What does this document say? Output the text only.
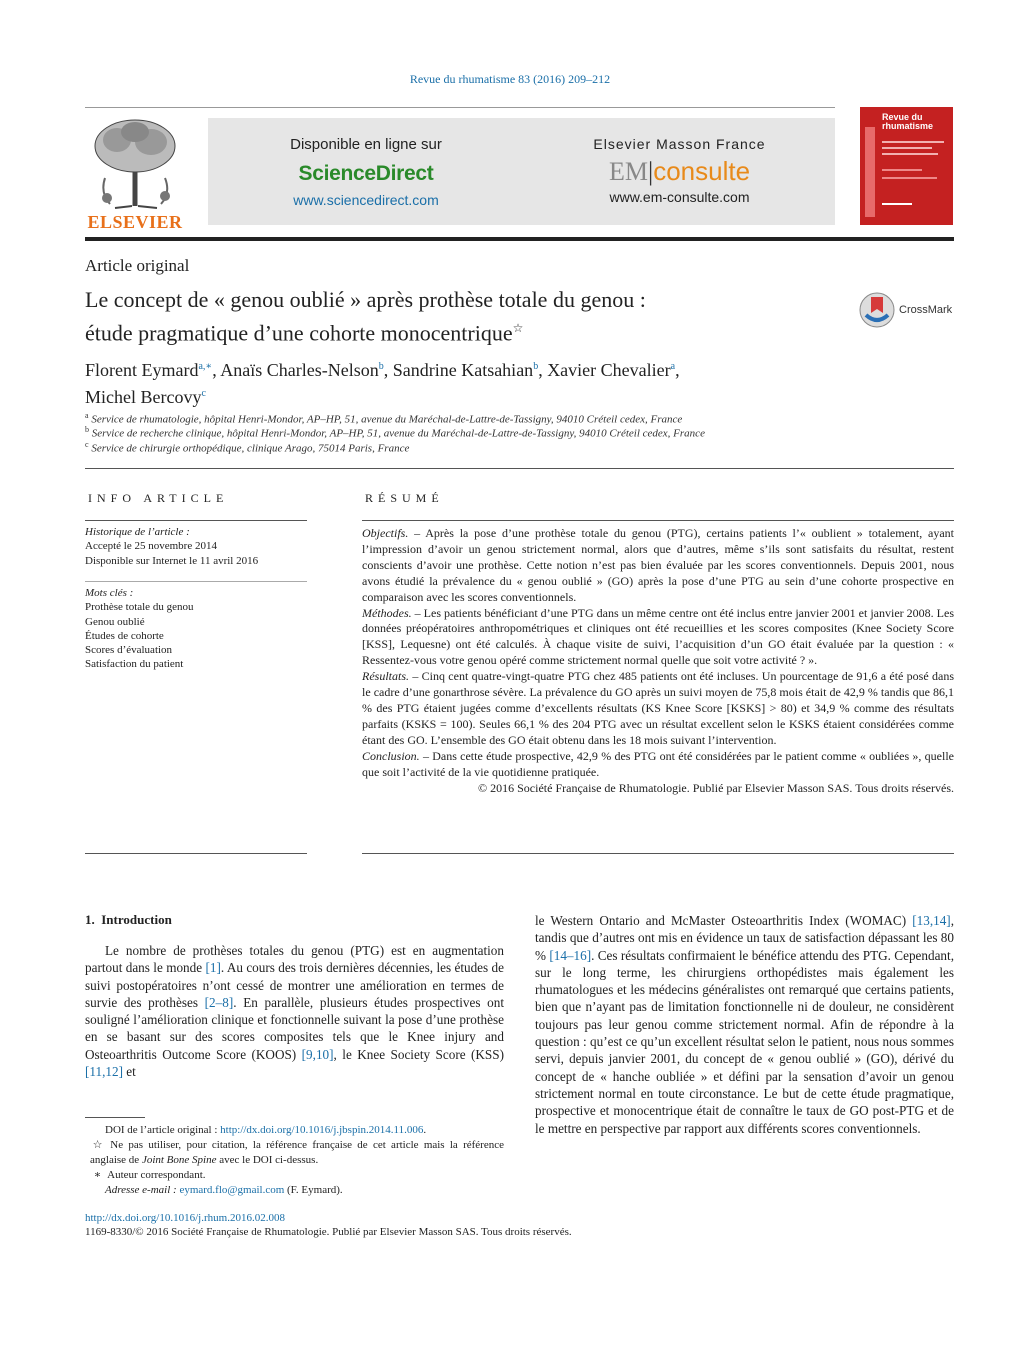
Revue du rhumatisme 83 (2016) 209–212
ELSEVIER
Disponible en ligne sur
ScienceDirect
www.sciencedirect.com
Elsevier Masson France
EM|consulte
www.em-consulte.com
Revue du rhumatisme
Article original
Le concept de « genou oublié » après prothèse totale du genou :
étude pragmatique d’une cohorte monocentrique☆
CrossMark
Florent Eymard$^{a,∗}$, Anaïs Charles-Nelson$^b$, Sandrine Katsahian$^b$, Xavier Chevalier$^a$,
Michel Bercovy$^c$
$^a$ Service de rhumatologie, hôpital Henri-Mondor, AP–HP, 51, avenue du Maréchal-de-Lattre-de-Tassigny, 94010 Créteil cedex, France
$^b$ Service de recherche clinique, hôpital Henri-Mondor, AP–HP, 51, avenue du Maréchal-de-Lattre-de-Tassigny, 94010 Créteil cedex, France
$^c$ Service de chirurgie orthopédique, clinique Arago, 75014 Paris, France
INFO ARTICLE
Historique de l’article :
Accepté le 25 novembre 2014
Disponible sur Internet le 11 avril 2016
Mots clés :
Prothèse totale du genou
Genou oublié
Études de cohorte
Scores d’évaluation
Satisfaction du patient
RÉSUMÉ

Objectifs. – Après la pose d’une prothèse totale du genou (PTG), certains patients l’« oublient » totalement, ayant l’impression d’avoir un genou strictement normal, alors que d’autres, même s’ils sont satisfaits du résultat, restent conscients d’avoir une prothèse. Cette notion n’est pas bien évaluée par les scores conventionnels. Depuis 2001, nous avons étudié la prévalence du « genou oublié » (GO) après la pose d’une PTG au sein d’une cohorte prospective en comparaison avec les scores conventionnels.

Méthodes. – Les patients bénéficiant d’une PTG dans un même centre ont été inclus entre janvier 2001 et janvier 2008. Les données préopératoires anthropométriques et cliniques ont été recueillies et les scores composites (Knee Society Score [KSS], Lequesne) ont été calculés. À chaque visite de suivi, l’acquisition d’un GO était évaluée par la question : « Ressentez-vous votre genou opéré comme strictement normal quelle que soit votre activité ? ».

Résultats. – Cinq cent quatre-vingt-quatre PTG chez 485 patients ont été incluses. Un pourcentage de 91,6 a été posé dans le cadre d’une gonarthrose sévère. La prévalence du GO après un suivi moyen de 75,8 mois était de 42,9 % tandis que 86,1 % des PTG étaient jugées comme d’excellents résultats (KS Knee Score [KSKS] > 80) et 34,9 % comme des résultats parfaits (KSKS = 100). Seules 66,1 % des 204 PTG avec un résultat excellent selon le KSKS étaient considérées comme étant des GO. L’ensemble des GO était obtenu dans les 18 mois suivant l’intervention.

Conclusion. – Dans cette étude prospective, 42,9 % des PTG ont été considérées par le patient comme « oubliées », quelle que soit l’activité de la vie quotidienne pratiquée.

© 2016 Société Française de Rhumatologie. Publié par Elsevier Masson SAS. Tous droits réservés.

1. Introduction

Le nombre de prothèses totales du genou (PTG) est en augmentation partout dans le monde [1]. Au cours des trois dernières décennies, les études de suivi postopératoires n’ont cessé de montrer une amélioration en termes de survie des prothèses [2–8]. En parallèle, plusieurs études prospectives ont souligné l’amélioration clinique et fonctionnelle suivant la pose d’une prothèse en se basant sur des scores composites tels que le Knee injury and Osteoarthritis Outcome Score (KOOS) [9,10], le Knee Society Score (KSS) [11,12] et

le Western Ontario and McMaster Osteoarthritis Index (WOMAC) [13,14], tandis que d’autres ont mis en évidence un taux de satisfaction dépassant les 80 % [14–16]. Ces résultats confirmaient le bénéfice attendu des PTG. Cependant, sur le long terme, les chirurgiens orthopédistes mais également les rhumatologues et les médecins généralistes ont remarqué que certains patients, bien que n’ayant pas de limitation fonctionnelle ni de douleur, ne considèrent toujours pas leur genou comme strictement normal. Afin de répondre à la question : qu’est ce qu’un excellent résultat selon le patient, nous nous sommes servi, depuis janvier 2001, du concept de « genou oublié » (GO), dérivé du concept de « hanche oubliée » et défini par la sensation d’avoir un genou strictement normal en toute circonstance. Le but de cette étude pragmatique, prospective et monocentrique était de connaître le taux de GO post-PTG et de le mettre en perspective par rapport aux différents scores conventionnels.

DOI de l’article original : http://dx.doi.org/10.1016/j.jbspin.2014.11.006.
☆ Ne pas utiliser, pour citation, la référence française de cet article mais la référence anglaise de Joint Bone Spine avec le DOI ci-dessus.
∗ Auteur correspondant.
Adresse e-mail : eymard.flo@gmail.com (F. Eymard).
http://dx.doi.org/10.1016/j.rhum.2016.02.008
1169-8330/© 2016 Société Française de Rhumatologie. Publié par Elsevier Masson SAS. Tous droits réservés.
